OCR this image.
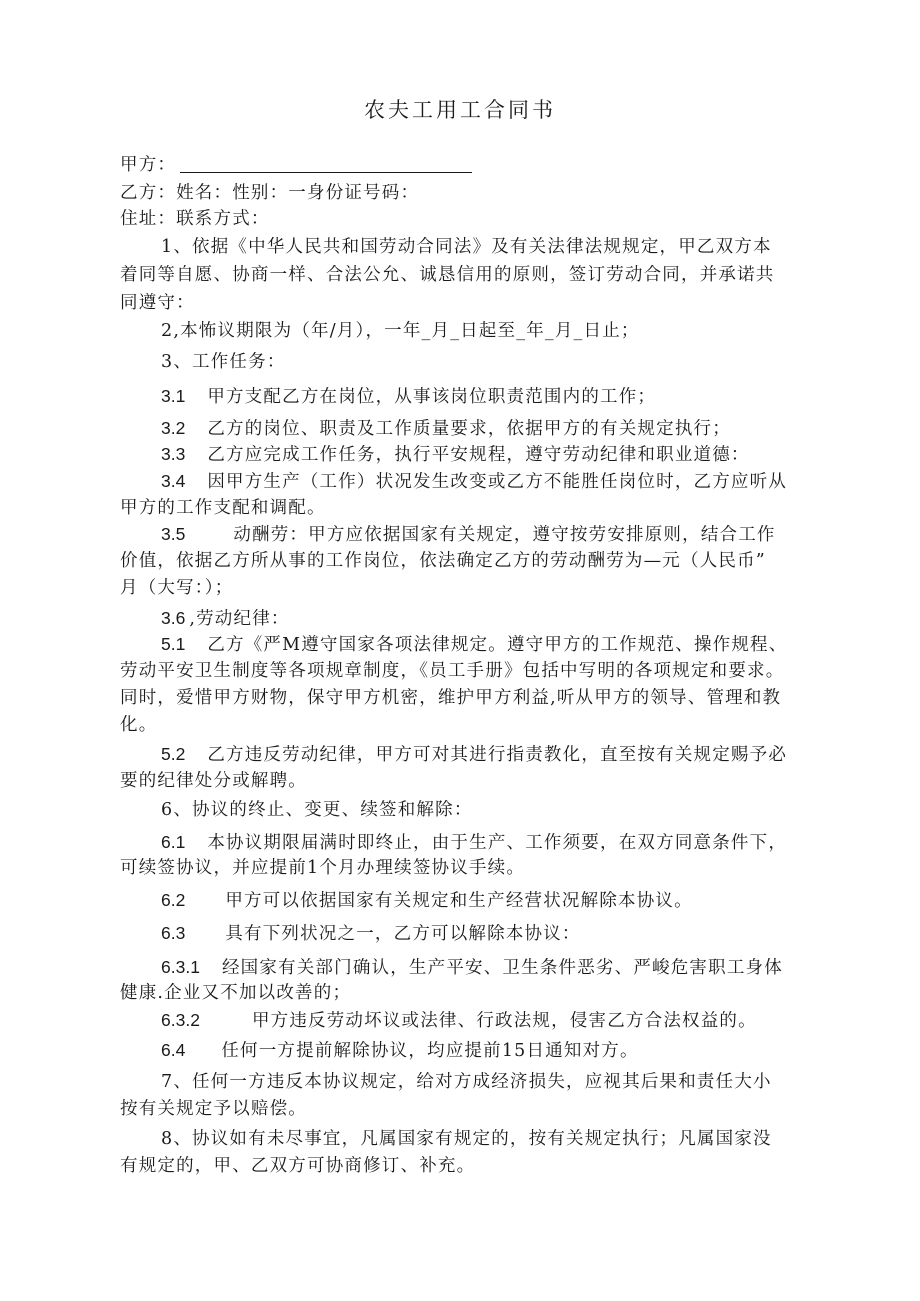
农夫工用工合同书
甲方：
乙方：姓名：性别：一身份证号码：
住址：联系方式：
1、依据《中华人民共和国劳动合同法》及有关法律法规规定，甲乙双方本
着同等自愿、协商一样、合法公允、诚恳信用的原则，签订劳动合同，并承诺共
同遵守：
2,本怖议期限为（年/月），一年_月_日起至_年_月_日止；
3、工作任务：
3.1 甲方支配乙方在岗位，从事该岗位职责范围内的工作；
3.2 乙方的岗位、职责及工作质量要求，依据甲方的有关规定执行；
3.3 乙方应完成工作任务，执行平安规程，遵守劳动纪律和职业道德：
3.4 因甲方生产（工作）状况发生改变或乙方不能胜任岗位时，乙方应听从
甲方的工作支配和调配。
3.5	动酬劳：甲方应依据国家有关规定，遵守按劳安排原则，结合工作
价值，依据乙方所从事的工作岗位，依法确定乙方的劳动酬劳为—元（人民币”
月（大写：）；
3.6 ,劳动纪律：
5.1 乙方《严M遵守国家各项法律规定。遵守甲方的工作规范、操作规程、
劳动平安卫生制度等各项规章制度，《员工手册》包括中写明的各项规定和要求。
同时，爱惜甲方财物，保守甲方机密，维护甲方利益,听从甲方的领导、管理和教
化。
5.2 乙方违反劳动纪律，甲方可对其进行指责教化，直至按有关规定赐予必
要的纪律处分或解聘。
6、协议的终止、变更、续签和解除：
6.1 本协议期限届满时即终止，由于生产、工作须要，在双方同意条件下，
可续签协议，并应提前1个月办理续签协议手续。
6.2 甲方可以依据国家有关规定和生产经营状况解除本协议。
6.3 具有下列状况之一，乙方可以解除本协议：
6.3.1 经国家有关部门确认，生产平安、卫生条件恶劣、严峻危害职工身体
健康.企业又不加以改善的；
6.3.2	甲方违反劳动坏议或法律、行政法规，侵害乙方合法权益的。
6.4 任何一方提前解除协议，均应提前15日通知对方。
7、任何一方违反本协议规定，给对方成经济损失，应视其后果和责任大小
按有关规定予以赔偿。
8、协议如有未尽事宜，凡属国家有规定的，按有关规定执行；凡属国家没
有规定的，甲、乙双方可协商修订、补充。
